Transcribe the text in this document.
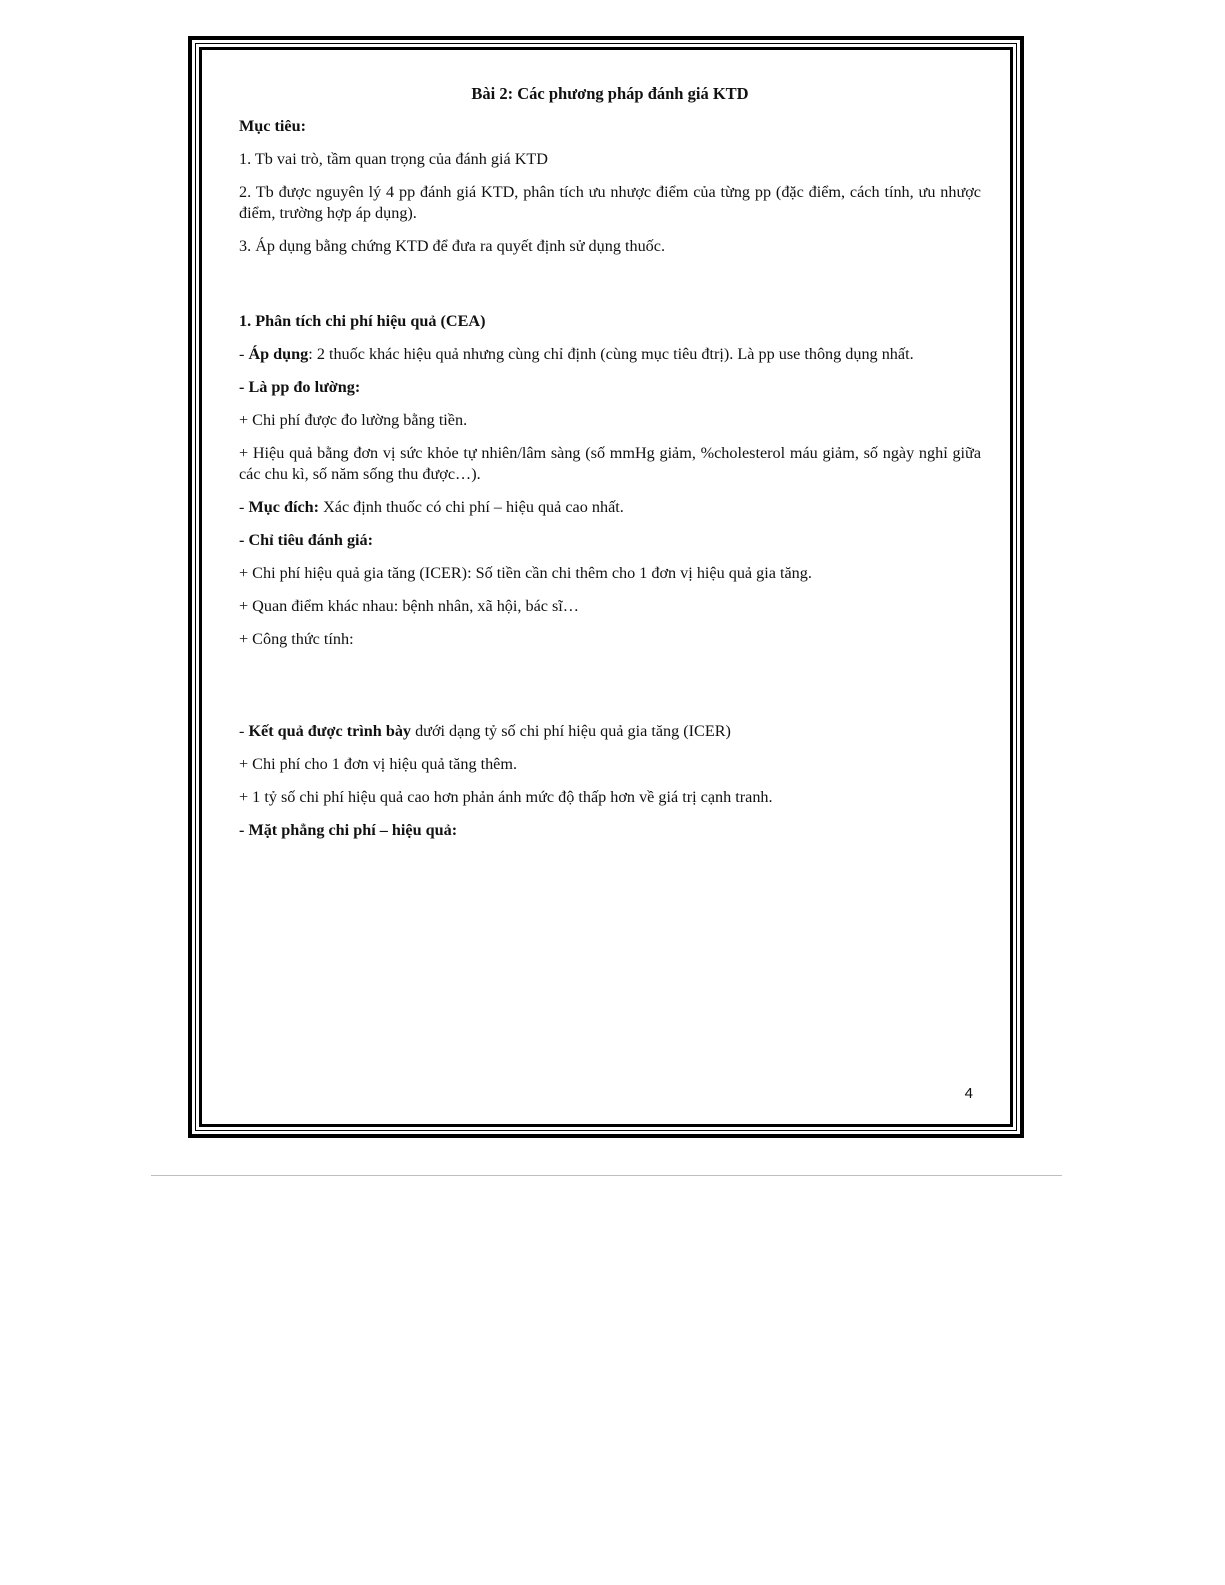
Bài 2: Các phương pháp đánh giá KTD
Mục tiêu:
1. Tb vai trò, tầm quan trọng của đánh giá KTD
2. Tb được nguyên lý 4 pp đánh giá KTD, phân tích ưu nhược điểm của từng pp (đặc điểm, cách tính, ưu nhược điểm, trường hợp áp dụng).
3. Áp dụng bằng chứng KTD để đưa ra quyết định sử dụng thuốc.
1. Phân tích chi phí hiệu quả (CEA)
- Áp dụng: 2 thuốc khác hiệu quả nhưng cùng chỉ định (cùng mục tiêu đtrị). Là pp use thông dụng nhất.
- Là pp đo lường:
+ Chi phí được đo lường bằng tiền.
+ Hiệu quả bằng đơn vị sức khỏe tự nhiên/lâm sàng (số mmHg giảm, %cholesterol máu giảm, số ngày nghỉ giữa các chu kì, số năm sống thu được…).
- Mục đích: Xác định thuốc có chi phí – hiệu quả cao nhất.
- Chỉ tiêu đánh giá:
+ Chi phí hiệu quả gia tăng (ICER): Số tiền cần chi thêm cho 1 đơn vị hiệu quả gia tăng.
+ Quan điểm khác nhau: bệnh nhân, xã hội, bác sĩ…
+ Công thức tính:
- Kết quả được trình bày dưới dạng tỷ số chi phí hiệu quả gia tăng (ICER)
+ Chi phí cho 1 đơn vị hiệu quả tăng thêm.
+ 1 tỷ số chi phí hiệu quả cao hơn phản ánh mức độ thấp hơn về giá trị cạnh tranh.
- Mặt phẳng chi phí – hiệu quả:
4
